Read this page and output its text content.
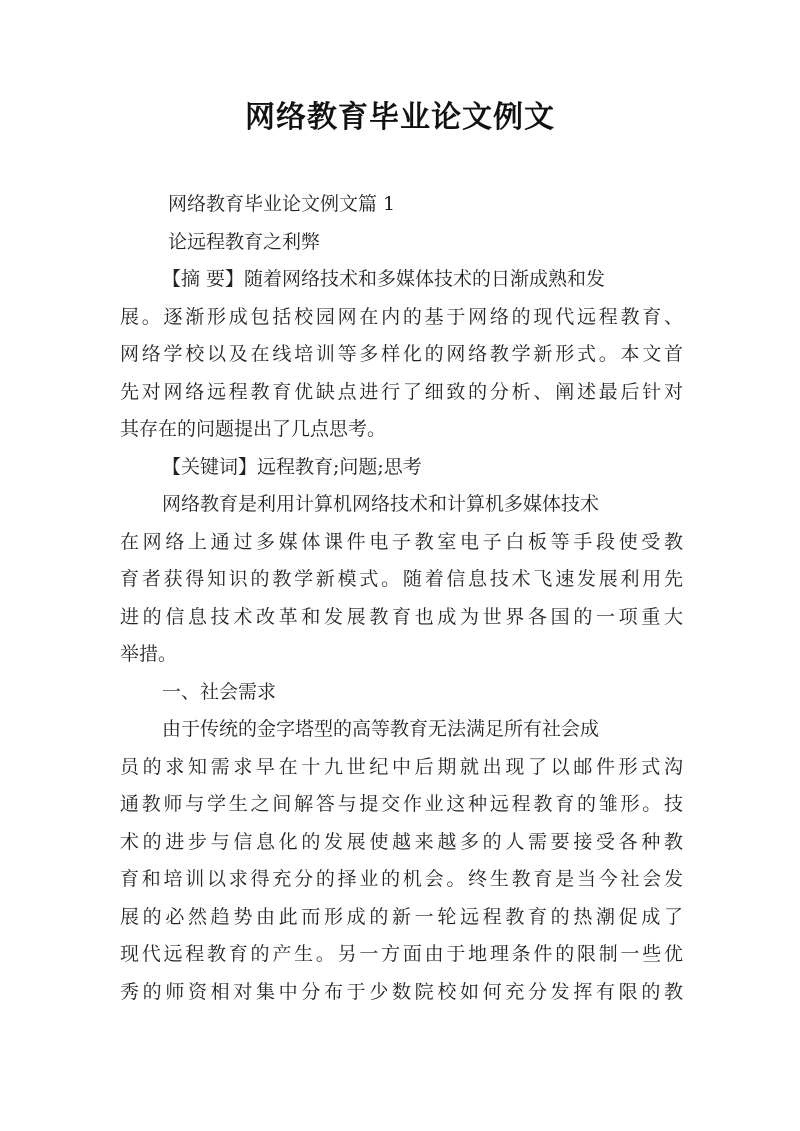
网络教育毕业论文例文
网络教育毕业论文例文篇 1
论远程教育之利弊
【摘 要】随着网络技术和多媒体技术的日渐成熟和发
展。逐渐形成包括校园网在内的基于网络的现代远程教育、
网络学校以及在线培训等多样化的网络教学新形式。本文首
先对网络远程教育优缺点进行了细致的分析、阐述最后针对
其存在的问题提出了几点思考。
【关键词】远程教育;问题;思考
网络教育是利用计算机网络技术和计算机多媒体技术
在网络上通过多媒体课件电子教室电子白板等手段使受教
育者获得知识的教学新模式。随着信息技术飞速发展利用先
进的信息技术改革和发展教育也成为世界各国的一项重大
举措。
一、社会需求
由于传统的金字塔型的高等教育无法满足所有社会成
员的求知需求早在十九世纪中后期就出现了以邮件形式沟
通教师与学生之间解答与提交作业这种远程教育的雏形。技
术的进步与信息化的发展使越来越多的人需要接受各种教
育和培训以求得充分的择业的机会。终生教育是当今社会发
展的必然趋势由此而形成的新一轮远程教育的热潮促成了
现代远程教育的产生。另一方面由于地理条件的限制一些优
秀的师资相对集中分布于少数院校如何充分发挥有限的教
